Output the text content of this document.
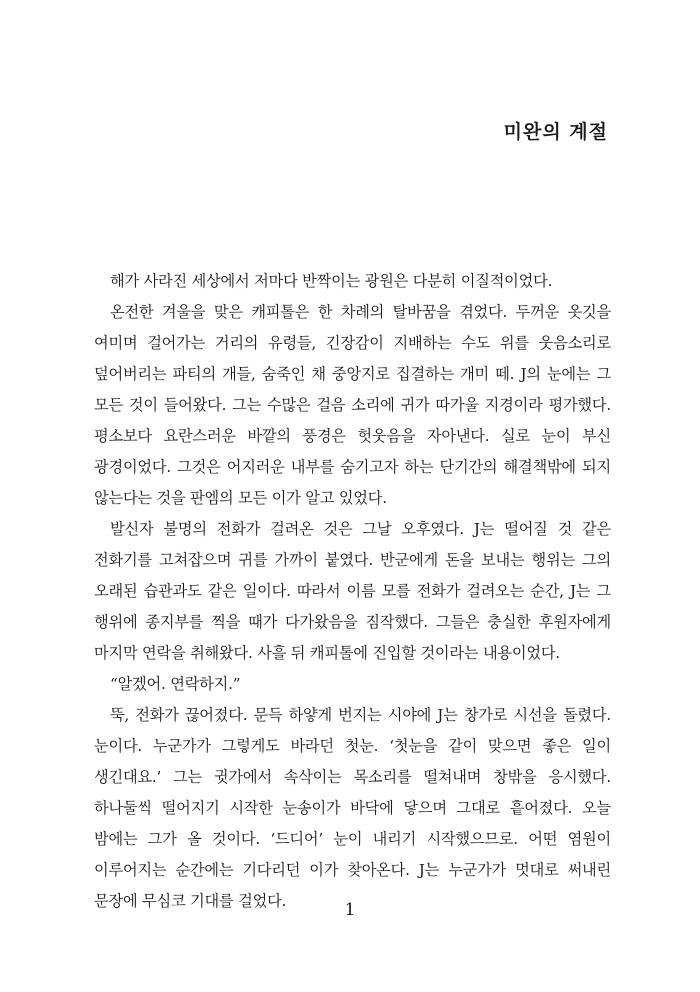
미완의 계절

해가 사라진 세상에서 저마다 반짝이는 광원은 다분히 이질적이었다.

온전한 겨울을 맞은 캐피톨은 한 차례의 탈바꿈을 겪었다. 두꺼운 옷깃을 여미며 걸어가는 거리의 유령들, 긴장감이 지배하는 수도 위를 웃음소리로 덮어버리는 파티의 개들, 숨죽인 채 중앙지로 집결하는 개미 떼. J의 눈에는 그 모든 것이 들어왔다. 그는 수많은 걸음 소리에 귀가 따가울 지경이라 평가했다. 평소보다 요란스러운 바깥의 풍경은 헛웃음을 자아낸다. 실로 눈이 부신 광경이었다. 그것은 어지러운 내부를 숨기고자 하는 단기간의 해결책밖에 되지 않는다는 것을 판엠의 모든 이가 알고 있었다.

발신자 불명의 전화가 걸려온 것은 그날 오후였다. J는 떨어질 것 같은 전화기를 고쳐잡으며 귀를 가까이 붙였다. 반군에게 돈을 보내는 행위는 그의 오래된 습관과도 같은 일이다. 따라서 이름 모를 전화가 걸려오는 순간, J는 그 행위에 종지부를 찍을 때가 다가왔음을 짐작했다. 그들은 충실한 후원자에게 마지막 연락을 취해왔다. 사흘 뒤 캐피톨에 진입할 것이라는 내용이었다.

“알겠어. 연락하지.”

뚝, 전화가 끊어졌다. 문득 하얗게 번지는 시야에 J는 창가로 시선을 돌렸다. 눈이다. 누군가가 그렇게도 바라던 첫눈. ‘첫눈을 같이 맞으면 좋은 일이 생긴대요.’ 그는 귓가에서 속삭이는 목소리를 떨쳐내며 창밖을 응시했다. 하나둘씩 떨어지기 시작한 눈송이가 바닥에 닿으며 그대로 흩어졌다. 오늘 밤에는 그가 올 것이다. ‘드디어’ 눈이 내리기 시작했으므로. 어떤 염원이 이루어지는 순간에는 기다리던 이가 찾아온다. J는 누군가가 멋대로 써내린 문장에 무심코 기대를 걸었다.	1
